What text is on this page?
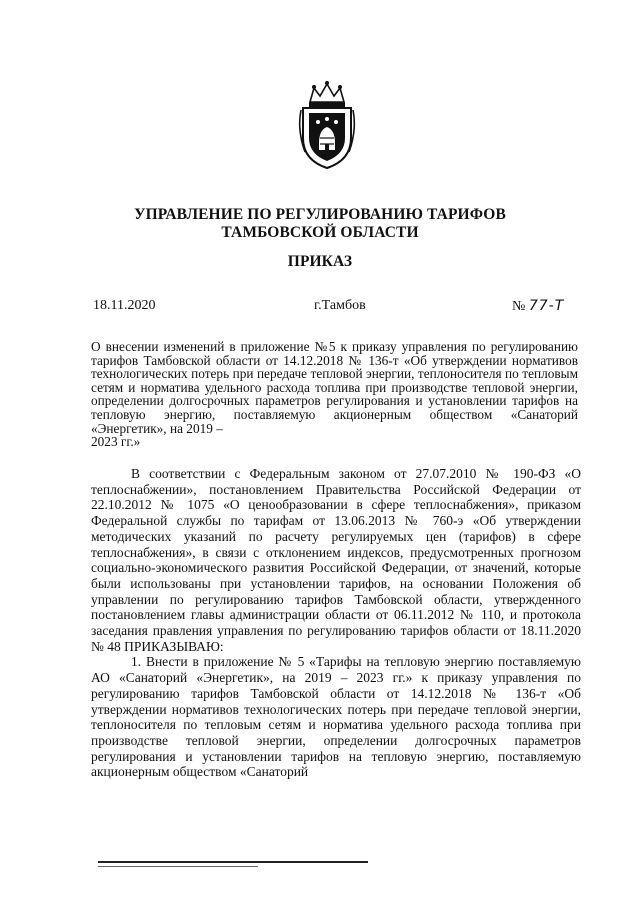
УПРАВЛЕНИЕ ПО РЕГУЛИРОВАНИЮ ТАРИФОВ
ТАМБОВСКОЙ ОБЛАСТИ
ПРИКАЗ
18.11.2020	г.Тамбов	№ 77-Т
О внесении изменений в приложение №5 к приказу управления по регулированию тарифов Тамбовской области от 14.12.2018 № 136-т «Об утверждении нормативов технологических потерь при передаче тепловой энергии, теплоносителя по тепловым сетям и норматива удельного расхода топлива при производстве тепловой энергии, определении долгосрочных параметров регулирования и установлении тарифов на тепловую энергию, поставляемую акционерным обществом «Санаторий «Энергетик», на 2019 –
2023 гг.»

В соответствии с Федеральным законом от 27.07.2010 № 190-ФЗ «О теплоснабжении», постановлением Правительства Российской Федерации от 22.10.2012 № 1075 «О ценообразовании в сфере теплоснабжения», приказом Федеральной службы по тарифам от 13.06.2013 № 760-э «Об утверждении методических указаний по расчету регулируемых цен (тарифов) в сфере теплоснабжения», в связи с отклонением индексов, предусмотренных прогнозом социально-экономического развития Российской Федерации, от значений, которые были использованы при установлении тарифов, на основании Положения об управлении по регулированию тарифов Тамбовской области, утвержденного постановлением главы администрации области от 06.11.2012 № 110, и протокола заседания правления управления по регулированию тарифов области от 18.11.2020 № 48 ПРИКАЗЫВАЮ:

1. Внести в приложение № 5 «Тарифы на тепловую энергию поставляемую АО «Санаторий «Энергетик», на 2019 – 2023 гг.» к приказу управления по регулированию тарифов Тамбовской области от 14.12.2018 № 136-т «Об утверждении нормативов технологических потерь при передаче тепловой энергии, теплоносителя по тепловым сетям и норматива удельного расхода топлива при производстве тепловой энергии, определении долгосрочных параметров регулирования и установлении тарифов на тепловую энергию, поставляемую акционерным обществом «Санаторий
